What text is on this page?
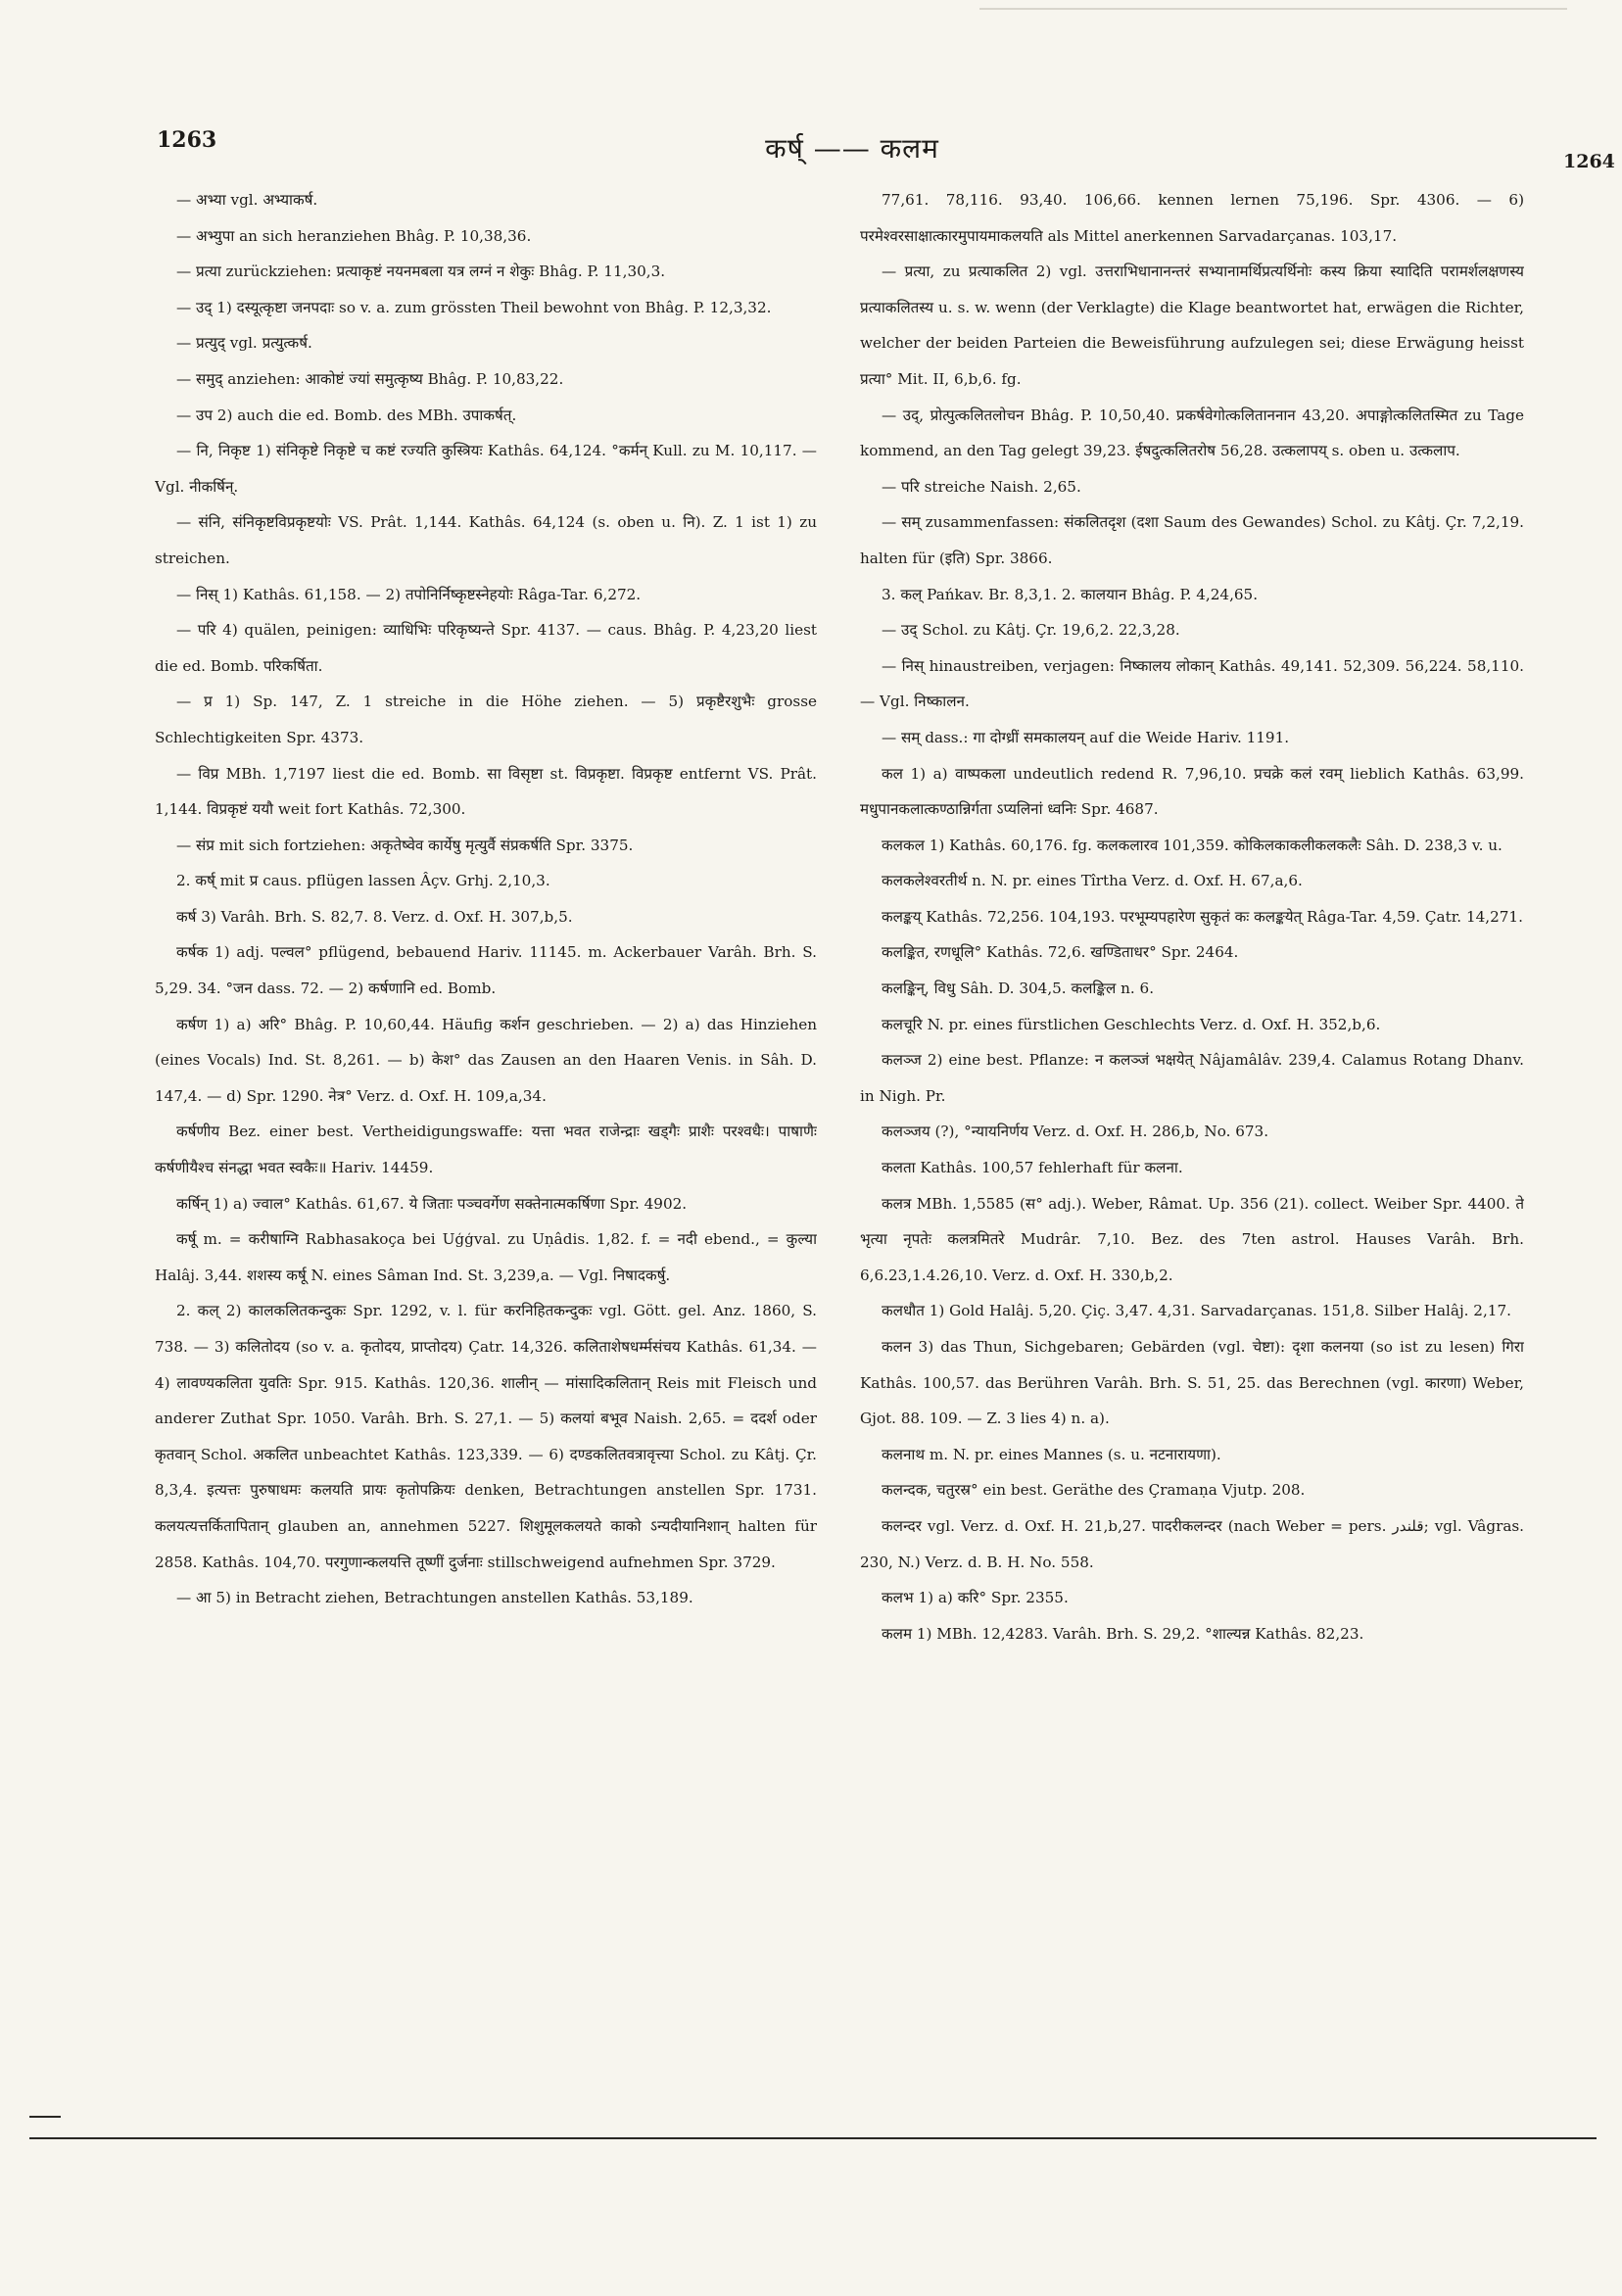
1263	कर्ष् —— कलम	1264

— अभ्या vgl. अभ्याकर्ष.

— अभ्युपा an sich heranziehen Bhâg. P. 10,38,36.

— प्रत्या zurückziehen: प्रत्याकृष्टं नयनमबला यत्र लग्नं न शेकुः Bhâg. P. 11,30,3.

— उद् 1) दस्यूत्कृष्टा जनपदाः so v. a. zum grössten Theil bewohnt von Bhâg. P. 12,3,32.

— प्रत्युद् vgl. प्रत्युत्कर्ष.

— समुद् anziehen: आकोष्टं ज्यां समुत्कृष्य Bhâg. P. 10,83,22.

— उप 2) auch die ed. Bomb. des MBh. उपाकर्षत्.

— नि, निकृष्ट 1) संनिकृष्टे निकृष्टे च कष्टं रज्यति कुस्त्रियः Kathâs. 64,124. °कर्मन् Kull. zu M. 10,117. — Vgl. नीकर्षिन्.

— संनि, संनिकृष्टविप्रकृष्टयोः VS. Prât. 1,144. Kathâs. 64,124 (s. oben u. नि). Z. 1 ist 1) zu streichen.

— निस् 1) Kathâs. 61,158. — 2) तपोनिर्निष्कृष्टस्नेहयोः Râga-Tar. 6,272.

— परि 4) quälen, peinigen: व्याधिभिः परिकृष्यन्ते Spr. 4137. — caus. Bhâg. P. 4,23,20 liest die ed. Bomb. परिकर्षिता.

— प्र 1) Sp. 147, Z. 1 streiche in die Höhe ziehen. — 5) प्रकृष्टैरशुभैः grosse Schlechtigkeiten Spr. 4373.

— विप्र MBh. 1,7197 liest die ed. Bomb. सा विसृष्टा st. विप्रकृष्टा. विप्रकृष्ट entfernt VS. Prât. 1,144. विप्रकृष्टं ययौ weit fort Kathâs. 72,300.

— संप्र mit sich fortziehen: अकृतेष्वेव कार्येषु मृत्युर्वै संप्रकर्षति Spr. 3375.

2. कर्ष् mit प्र caus. pflügen lassen Âçv. Grhj. 2,10,3.

कर्ष 3) Varâh. Brh. S. 82,7. 8. Verz. d. Oxf. H. 307,b,5.

कर्षक 1) adj. पल्वल° pflügend, bebauend Hariv. 11145. m. Ackerbauer Varâh. Brh. S. 5,29. 34. °जन dass. 72. — 2) कर्षणानि ed. Bomb.

कर्षण 1) a) अरि° Bhâg. P. 10,60,44. Häufig कर्शन geschrieben. — 2) a) das Hinziehen (eines Vocals) Ind. St. 8,261. — b) केश° das Zausen an den Haaren Venis. in Sâh. D. 147,4. — d) Spr. 1290. नेत्र° Verz. d. Oxf. H. 109,a,34.

कर्षणीय Bez. einer best. Vertheidigungswaffe: यत्ता भवत राजेन्द्राः खड्गैः प्राशैः परश्वधैः। पाषाणैः कर्षणीयैश्च संनद्धा भवत स्वकैः॥ Hariv. 14459.

कर्षिन् 1) a) ज्वाल° Kathâs. 61,67. ये जिताः पञ्चवर्गेण सक्तेनात्मकर्षिणा Spr. 4902.

कर्षू m. = करीषाग्नि Rabhasakoça bei Uģģval. zu Uṇâdis. 1,82. f. = नदी ebend., = कुल्या Halâj. 3,44. शशस्य कर्षू N. eines Sâman Ind. St. 3,239,a. — Vgl. निषादकर्षु.

2. कल् 2) कालकलितकन्दुकः Spr. 1292, v. l. für करनिहितकन्दुकः vgl. Gött. gel. Anz. 1860, S. 738. — 3) कलितोदय (so v. a. कृतोदय, प्राप्तोदय) Çatr. 14,326. कलिताशेषधर्म्मसंचय Kathâs. 61,34. — 4) लावण्यकलिता युवतिः Spr. 915. Kathâs. 120,36. शालीन् — मांसादिकलितान् Reis mit Fleisch und anderer Zuthat Spr. 1050. Varâh. Brh. S. 27,1. — 5) कलयां बभूव Naish. 2,65. = ददर्श oder कृतवान् Schol. अकलित unbeachtet Kathâs. 123,339. — 6) दण्डकलितवत्रावृत्त्या Schol. zu Kâtj. Çr. 8,3,4. इत्यत्तः पुरुषाधमः कलयति प्रायः कृतोपक्रियः denken, Betrachtungen anstellen Spr. 1731. कलयत्यत्तर्कितापितान् glauben an, annehmen 5227. शिशुमूलकलयते काको ऽन्यदीयानिशान् halten für 2858. Kathâs. 104,70. परगुणान्कलयत्ति तूष्णीं दुर्जनाः stillschweigend aufnehmen Spr. 3729.

— आ 5) in Betracht ziehen, Betrachtungen anstellen Kathâs. 53,189.

77,61. 78,116. 93,40. 106,66. kennen lernen 75,196. Spr. 4306. — 6) परमेश्वरसाक्षात्कारमुपायमाकलयति als Mittel anerkennen Sarvadarçanas. 103,17.

— प्रत्या, zu प्रत्याकलित 2) vgl. उत्तराभिधानानन्तरं सभ्यानामर्थिप्रत्यर्थिनोः कस्य क्रिया स्यादिति परामर्शलक्षणस्य प्रत्याकलितस्य u. s. w. wenn (der Verklagte) die Klage beantwortet hat, erwägen die Richter, welcher der beiden Parteien die Beweisführung aufzulegen sei; diese Erwägung heisst प्रत्या° Mit. II, 6,b,6. fg.

— उद्, प्रोत्पुत्कलितलोचन Bhâg. P. 10,50,40. प्रकर्षवेगोत्कलिताननान 43,20. अपाङ्गोत्कलितस्मित zu Tage kommend, an den Tag gelegt 39,23. ईषदुत्कलितरोष 56,28. उत्कलापय् s. oben u. उत्कलाप.

— परि streiche Naish. 2,65.

— सम् zusammenfassen: संकलितदृश (दशा Saum des Gewandes) Schol. zu Kâtj. Çr. 7,2,19. halten für (इति) Spr. 3866.

3. कल् Pańkav. Br. 8,3,1. 2. कालयान Bhâg. P. 4,24,65.

— उद् Schol. zu Kâtj. Çr. 19,6,2. 22,3,28.

— निस् hinaustreiben, verjagen: निष्कालय लोकान् Kathâs. 49,141. 52,309. 56,224. 58,110. — Vgl. निष्कालन.

— सम् dass.: गा दोग्ध्रीं समकालयन् auf die Weide Hariv. 1191.

कल 1) a) वाष्पकला undeutlich redend R. 7,96,10. प्रचक्रे कलं रवम् lieblich Kathâs. 63,99. मधुपानकलात्कण्ठान्निर्गता ऽप्यलिनां ध्वनिः Spr. 4687.

कलकल 1) Kathâs. 60,176. fg. कलकलारव 101,359. कोकिलकाकलीकलकलैः Sâh. D. 238,3 v. u.

कलकलेश्वरतीर्थ n. N. pr. eines Tîrtha Verz. d. Oxf. H. 67,a,6.

कलङ्कय् Kathâs. 72,256. 104,193. परभूम्यपहारेण सुकृतं कः कलङ्कयेत् Râga-Tar. 4,59. Çatr. 14,271.

कलङ्कित, रणधूलि° Kathâs. 72,6. खण्डिताधर° Spr. 2464.

कलङ्किन्, विधु Sâh. D. 304,5. कलङ्किल n. 6.

कलचूरि N. pr. eines fürstlichen Geschlechts Verz. d. Oxf. H. 352,b,6.

कलञ्ज 2) eine best. Pflanze: न कलञ्जं भक्षयेत् Nâjamâlâv. 239,4. Calamus Rotang Dhanv. in Nigh. Pr.

कलञ्जय (?), °न्यायनिर्णय Verz. d. Oxf. H. 286,b, No. 673.

कलता Kathâs. 100,57 fehlerhaft für कलना.

कलत्र MBh. 1,5585 (स° adj.). Weber, Râmat. Up. 356 (21). collect. Weiber Spr. 4400. ते भृत्या नृपतेः कलत्रमितरे Mudrâr. 7,10. Bez. des 7ten astrol. Hauses Varâh. Brh. 6,6.23,1.4.26,10. Verz. d. Oxf. H. 330,b,2.

कलधौत 1) Gold Halâj. 5,20. Çiç. 3,47. 4,31. Sarvadarçanas. 151,8. Silber Halâj. 2,17.

कलन 3) das Thun, Sichgebaren; Gebärden (vgl. चेष्टा): दृशा कलनया (so ist zu lesen) गिरा Kathâs. 100,57. das Berühren Varâh. Brh. S. 51, 25. das Berechnen (vgl. कारणा) Weber, Gjot. 88. 109. — Z. 3 lies 4) n. a).

कलनाथ m. N. pr. eines Mannes (s. u. नटनारायणा).

कलन्दक, चतुरस्र° ein best. Geräthe des Çramaṇa Vjutp. 208.

कलन्दर vgl. Verz. d. Oxf. H. 21,b,27. पादरीकलन्दर (nach Weber = pers. قلندر; vgl. Vâgras. 230, N.) Verz. d. B. H. No. 558.

कलभ 1) a) करि° Spr. 2355.

कलम 1) MBh. 12,4283. Varâh. Brh. S. 29,2. °शाल्यन्न Kathâs. 82,23.
